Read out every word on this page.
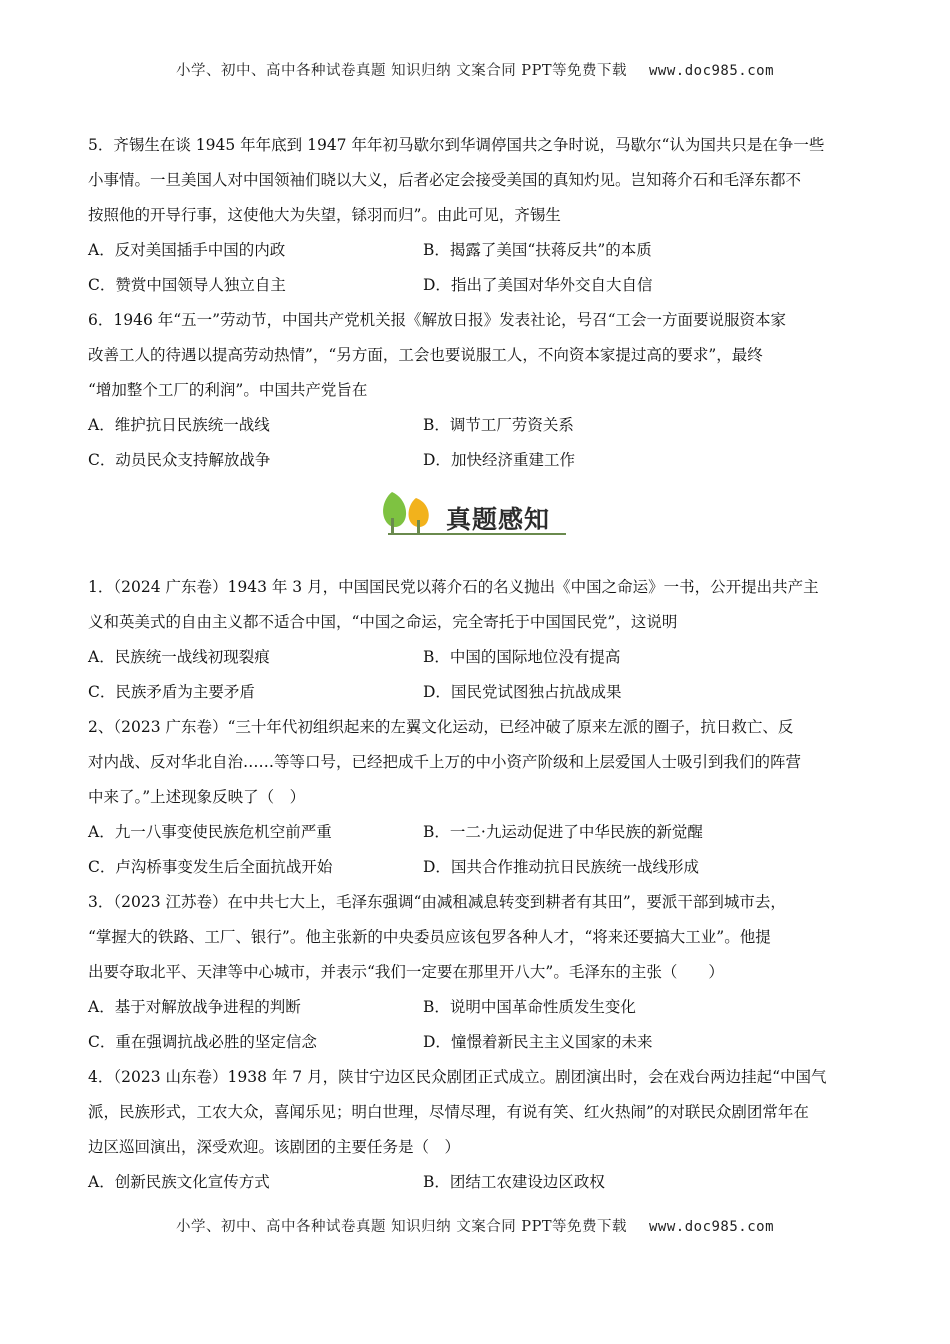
小学、初中、高中各种试卷真题 知识归纳 文案合同 PPT等免费下载 www.doc985.com
5．齐锡生在谈 1945 年年底到 1947 年年初马歇尔到华调停国共之争时说，马歇尔“认为国共只是在争一些
小事情。一旦美国人对中国领袖们晓以大义，后者必定会接受美国的真知灼见。岂知蒋介石和毛泽东都不
按照他的开导行事，这使他大为失望，铩羽而归”。由此可见，齐锡生
A．反对美国插手中国的内政	B．揭露了美国“扶蒋反共”的本质
C．赞赏中国领导人独立自主	D．指出了美国对华外交自大自信
6．1946 年“五一”劳动节，中国共产党机关报《解放日报》发表社论，号召“工会一方面要说服资本家
改善工人的待遇以提高劳动热情”，“另方面，工会也要说服工人，不向资本家提过高的要求”，最终
“增加整个工厂的利润”。中国共产党旨在
A．维护抗日民族统一战线	B．调节工厂劳资关系
C．动员民众支持解放战争	D．加快经济重建工作
真题感知
1．（2024 广东卷）1943 年 3 月，中国国民党以蒋介石的名义抛出《中国之命运》一书，公开提出共产主
义和英美式的自由主义都不适合中国，“中国之命运，完全寄托于中国国民党”，这说明
A．民族统一战线初现裂痕	B．中国的国际地位没有提高
C．民族矛盾为主要矛盾	D．国民党试图独占抗战成果
2、（2023 广东卷）“三十年代初组织起来的左翼文化运动，已经冲破了原来左派的圈子，抗日救亡、反
对内战、反对华北自治……等等口号，已经把成千上万的中小资产阶级和上层爱国人士吸引到我们的阵营
中来了。”上述现象反映了（　）
A．九一八事变使民族危机空前严重	B．一二·九运动促进了中华民族的新觉醒
C．卢沟桥事变发生后全面抗战开始	D．国共合作推动抗日民族统一战线形成
3．（2023 江苏卷）在中共七大上，毛泽东强调“由减租减息转变到耕者有其田”，要派干部到城市去，
“掌握大的铁路、工厂、银行”。他主张新的中央委员应该包罗各种人才，“将来还要搞大工业”。他提
出要夺取北平、天津等中心城市，并表示“我们一定要在那里开八大”。毛泽东的主张（　　）
A．基于对解放战争进程的判断	B．说明中国革命性质发生变化
C．重在强调抗战必胜的坚定信念	D．憧憬着新民主主义国家的未来
4．（2023 山东卷）1938 年 7 月，陕甘宁边区民众剧团正式成立。剧团演出时，会在戏台两边挂起“中国气
派，民族形式，工农大众，喜闻乐见；明白世理，尽情尽理，有说有笑、红火热闹”的对联民众剧团常年在
边区巡回演出，深受欢迎。该剧团的主要任务是（　）
A．创新民族文化宣传方式	B．团结工农建设边区政权
小学、初中、高中各种试卷真题 知识归纳 文案合同 PPT等免费下载 www.doc985.com
